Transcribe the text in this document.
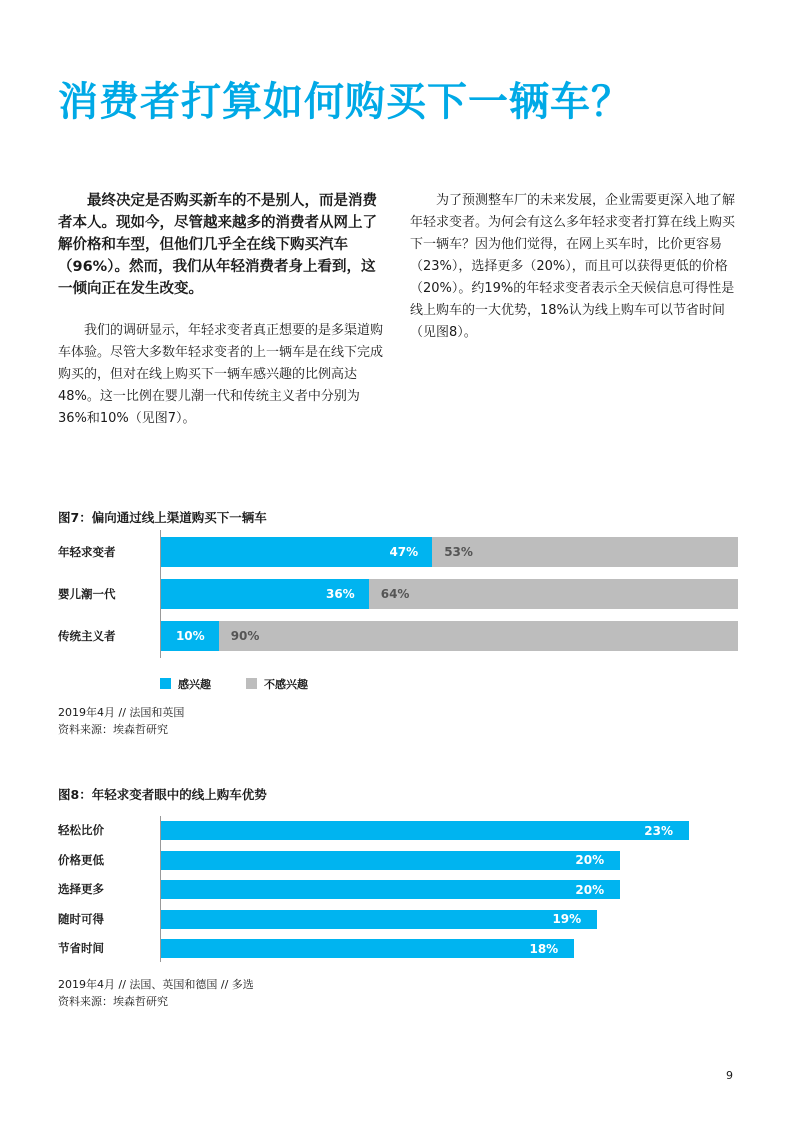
消费者打算如何购买下一辆车？

最终决定是否购买新车的不是别人，而是消费者本人。现如今，尽管越来越多的消费者从网上了解价格和车型，但他们几乎全在线下购买汽车（96%）。然而，我们从年轻消费者身上看到，这一倾向正在发生改变。

我们的调研显示，年轻求变者真正想要的是多渠道购车体验。尽管大多数年轻求变者的上一辆车是在线下完成购买的，但对在线上购买下一辆车感兴趣的比例高达48%。这一比例在婴儿潮一代和传统主义者中分别为36%和10%（见图7）。

为了预测整车厂的未来发展，企业需要更深入地了解年轻求变者。为何会有这么多年轻求变者打算在线上购买下一辆车？因为他们觉得，在网上买车时，比价更容易（23%），选择更多（20%），而且可以获得更低的价格（20%）。约19%的年轻求变者表示全天候信息可得性是线上购车的一大优势，18%认为线上购车可以节省时间（见图8）。

图7：偏向通过线上渠道购买下一辆车

年轻求变者	47% 53%
婴儿潮一代	36% 64%
传统主义者	10% 90%
感兴趣	不感兴趣
2019年4月 // 法国和英国
资料来源：埃森哲研究

图8：年轻求变者眼中的线上购车优势

轻松比价	23%
价格更低	20%
选择更多	20%
随时可得	19%
节省时间	18%
2019年4月 // 法国、英国和德国 // 多选
资料来源：埃森哲研究
9
